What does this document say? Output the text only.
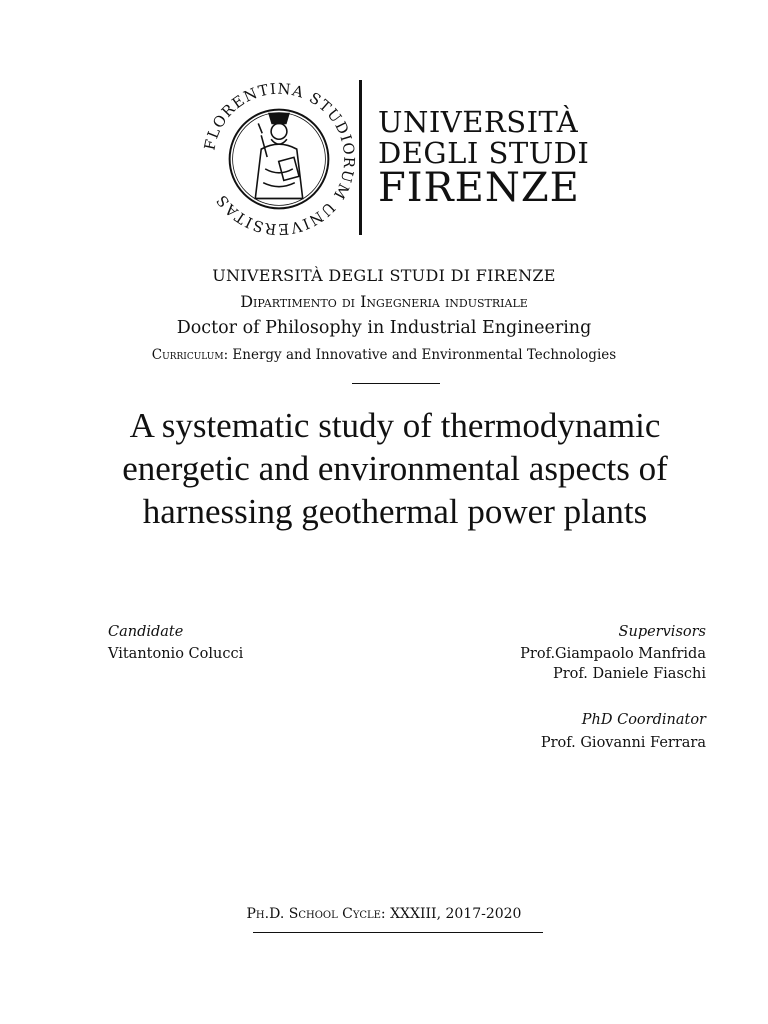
FLORENTINA STUDIORUM UNIVERSITAS
UNIVERSITÀ
DEGLI STUDI
FIRENZE
UNIVERSITÀ DEGLI STUDI DI FIRENZE
Dipartimento di Ingegneria industriale
Doctor of Philosophy in Industrial Engineering
Curriculum: Energy and Innovative and Environmental Technologies
A systematic study of thermodynamic
energetic and environmental aspects of
harnessing geothermal power plants
Candidate
Vitantonio Colucci
Supervisors
Prof.Giampaolo Manfrida
Prof. Daniele Fiaschi
PhD Coordinator
Prof. Giovanni Ferrara
Ph.D. School Cycle: XXXIII, 2017-2020
